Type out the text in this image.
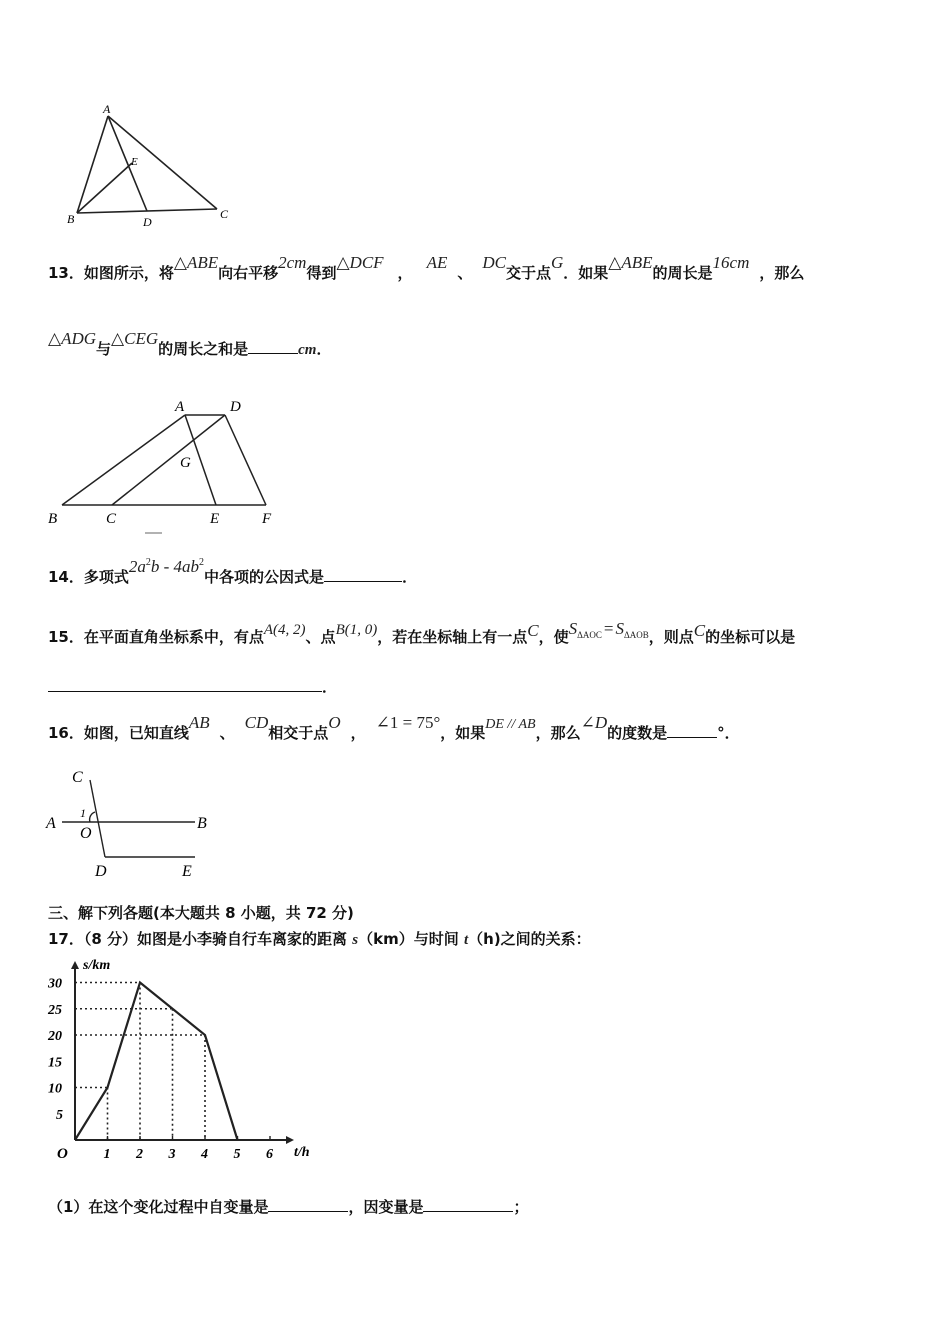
A
B	C
D
E
13．如图所示，将△ABE向右平移2cm得到△DCF，AE、DC交于点G．如果△ABE的周长是16cm，那么
△ADG与△CEG的周长之和是	cm．
A	D
G
B	C	E	F
14．多项式$2a^2b - 4ab^2$中各项的公因式是	．
15．在平面直角坐标系中，有点A(4, 2)、点B(1, 0)，若在坐标轴上有一点C，使$S_{\Delta AOC} = S_{\Delta AOB}$，则点C的坐标可以是
．
16．如图，已知直线AB、CD相交于点O，∠1 = 75°，如果DE // AB，那么∠D的度数是	°．
C
A	B
1
O
D	E
三、解下列各题(本大题共 8 小题，共 72 分)
17．（8 分）如图是小李骑自行车离家的距离 s（km）与时间 t（h)之间的关系：
1 2 3 4 5 6
5
10
15
20
25
30
O	t/h
s/km
（1）在这个变化过程中自变量是	，因变量是	；
